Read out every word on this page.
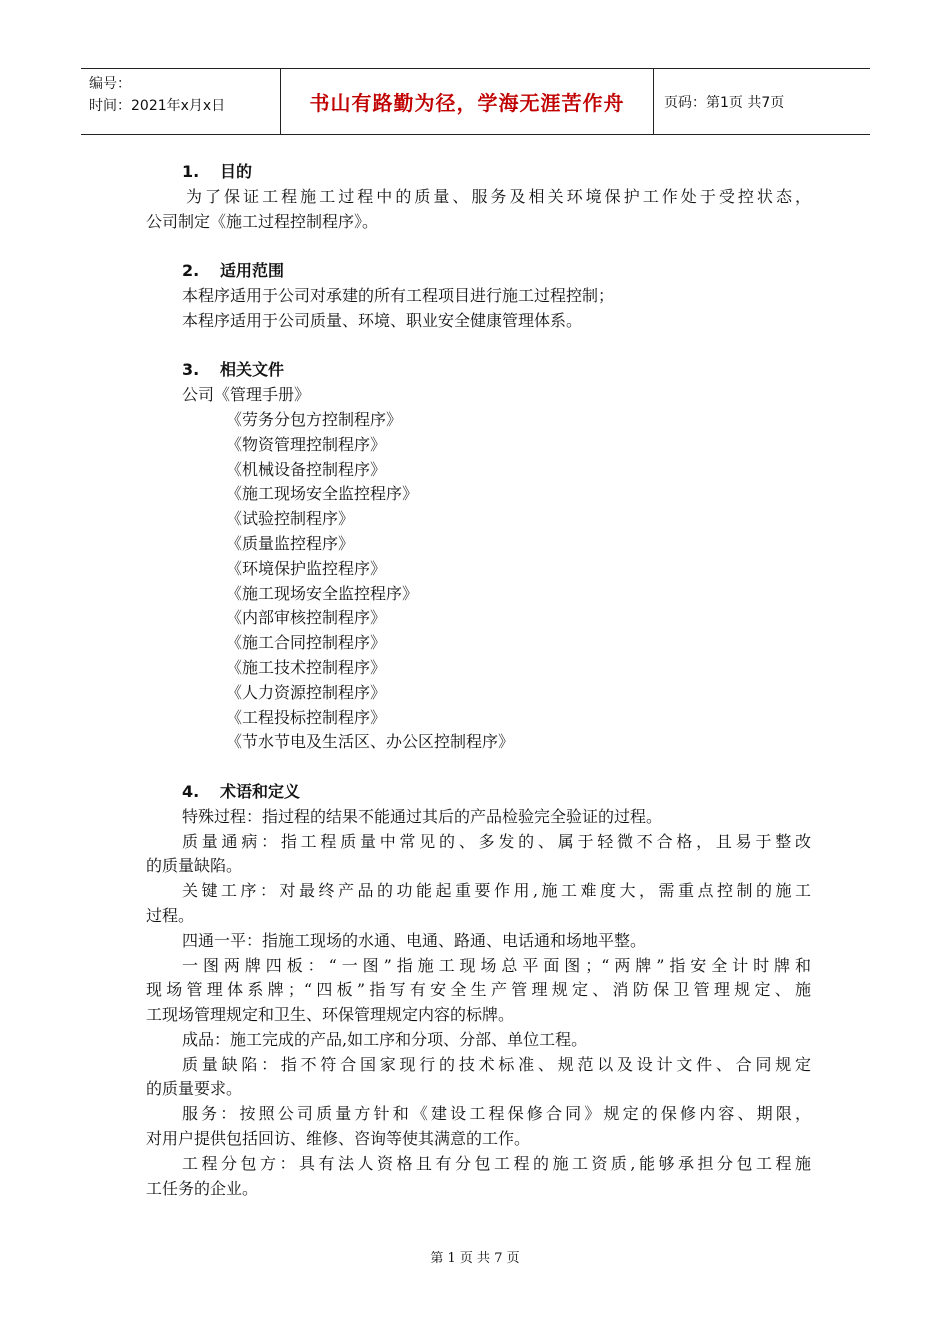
编号：
时间：2021年x月x日	书山有路勤为径，学海无涯苦作舟	页码：第1页 共7页
1. 目的
为了保证工程施工过程中的质量、服务及相关环境保护工作处于受控状态，
公司制定《施工过程控制程序》。
2. 适用范围
本程序适用于公司对承建的所有工程项目进行施工过程控制；
本程序适用于公司质量、环境、职业安全健康管理体系。
3. 相关文件
公司《管理手册》
《劳务分包方控制程序》
《物资管理控制程序》
《机械设备控制程序》
《施工现场安全监控程序》
《试验控制程序》
《质量监控程序》
《环境保护监控程序》
《施工现场安全监控程序》
《内部审核控制程序》
《施工合同控制程序》
《施工技术控制程序》
《人力资源控制程序》
《工程投标控制程序》
《节水节电及生活区、办公区控制程序》
4. 术语和定义
特殊过程：指过程的结果不能通过其后的产品检验完全验证的过程。
质量通病：指工程质量中常见的、多发的、属于轻微不合格，且易于整改
的质量缺陷。
关键工序：对最终产品的功能起重要作用,施工难度大，需重点控制的施工
过程。
四通一平：指施工现场的水通、电通、路通、电话通和场地平整。
一图两牌四板：“一图”指施工现场总平面图；“两牌”指安全计时牌和
现场管理体系牌；“四板”指写有安全生产管理规定、消防保卫管理规定、施
工现场管理规定和卫生、环保管理规定内容的标牌。
成品：施工完成的产品,如工序和分项、分部、单位工程。
质量缺陷：指不符合国家现行的技术标准、规范以及设计文件、合同规定
的质量要求。
服务：按照公司质量方针和《建设工程保修合同》规定的保修内容、期限，
对用户提供包括回访、维修、咨询等使其满意的工作。
工程分包方：具有法人资格且有分包工程的施工资质,能够承担分包工程施
工任务的企业。
第 1 页 共 7 页
